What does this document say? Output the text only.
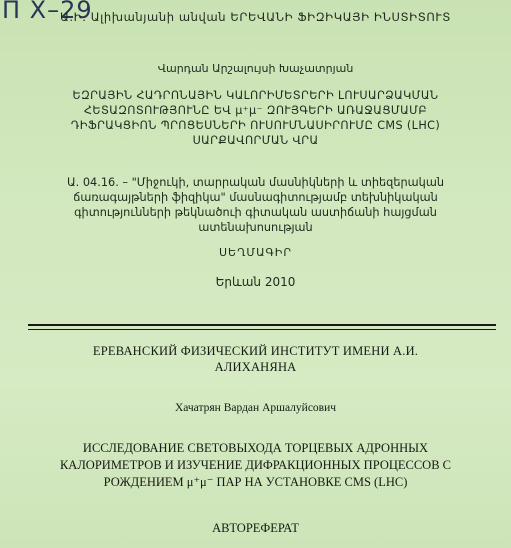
Π X–29
Ա.Ի. Ալիխանյանի անվան ԵՐԵՎԱՆԻ ՖԻԶԻԿԱՅԻ ԻՆՍՏԻՏՈՒՏ
Վարդան Արշալույսի Խաչատրյան
ԵԶՐԱՅԻՆ ՀԱԴՐՈՆԱՅԻՆ ԿԱԼՈՐԻՄԵՏՐԵՐԻ ԼՈՒՍԱՐՁԱԿՄԱՆ
ՀԵՏԱԶՈՏՈՒԹՅՈՒՆԸ ԵՎ μ⁺μ⁻ ԶՈՒՅԳԵՐԻ ԱՌԱՋԱՑՄԱՄԲ
ԴԻՖՐԱԿՑԻՈՆ ՊՐՈՑԵՍՆԵՐԻ ՈՒՍՈՒՄՆԱՍԻՐՈՒՄԸ CMS (LHC)
ՍԱՐՔԱՎՈՐՄԱՆ ՎՐԱ
Ա. 04.16. – "Միջուկի, տարրական մասնիկների և տիեզերական
ճառագայթների ֆիզիկա" մասնագիտությամբ տեխնիկական
գիտությունների թեկնածուի գիտական աստիճանի հայցման
ատենախոսության
ՍԵՂՄԱԳԻՐ
Երևան 2010
ЕРЕВАНСКИЙ ФИЗИЧЕСКИЙ ИНСТИТУТ ИМЕНИ А.И.
АЛИХАНЯНА
Хачатрян Вардан Аршалуйсович
ИССЛЕДОВАНИЕ СВЕТОВЫХОДА ТОРЦЕВЫХ АДРОННЫХ
КАЛОРИМЕТРОВ И ИЗУЧЕНИЕ ДИФРАКЦИОННЫХ ПРОЦЕССОВ С
РОЖДЕНИЕМ μ⁺μ⁻ ПАР НА УСТАНОВКЕ CMS (LHC)
АВТОРЕФЕРАТ
